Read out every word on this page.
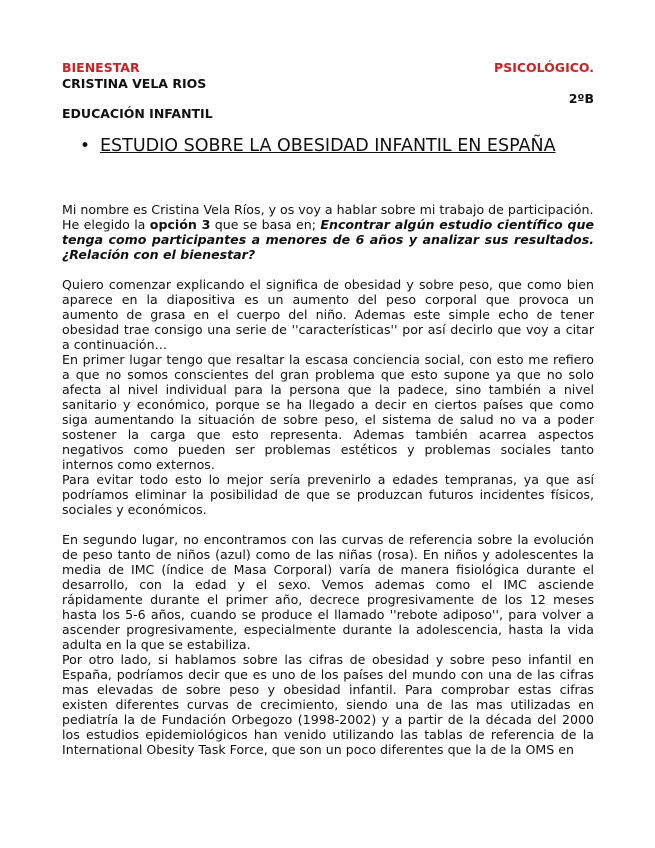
BIENESTAR	PSICOLÓGICO.
CRISTINA VELA RIOS
2ºB
EDUCACIÓN INFANTIL
• ESTUDIO SOBRE LA OBESIDAD INFANTIL EN ESPAÑA

Mi nombre es Cristina Vela Ríos, y os voy a hablar sobre mi trabajo de participación.

He elegido la opción 3 que se basa en; Encontrar algún estudio científico que tenga como participantes a menores de 6 años y analizar sus resultados. ¿Relación con el bienestar?

Quiero comenzar explicando el significa de obesidad y sobre peso, que como bien aparece en la diapositiva es un aumento del peso corporal que provoca un aumento de grasa en el cuerpo del niño. Ademas este simple echo de tener obesidad trae consigo una serie de ''características'' por así decirlo que voy a citar a continuación…

En primer lugar tengo que resaltar la escasa conciencia social, con esto me refiero a que no somos conscientes del gran problema que esto supone ya que no solo afecta al nivel individual para la persona que la padece, sino también a nivel sanitario y económico, porque se ha llegado a decir en ciertos países que como siga aumentando la situación de sobre peso, el sistema de salud no va a poder sostener la carga que esto representa. Ademas también acarrea aspectos negativos como pueden ser problemas estéticos y problemas sociales tanto internos como externos.

Para evitar todo esto lo mejor sería prevenirlo a edades tempranas, ya que así podríamos eliminar la posibilidad de que se produzcan futuros incidentes físicos, sociales y económicos.

En segundo lugar, no encontramos con las curvas de referencia sobre la evolución de peso tanto de niños (azul) como de las niñas (rosa). En niños y adolescentes la media de IMC (índice de Masa Corporal) varía de manera fisiológica durante el desarrollo, con la edad y el sexo. Vemos ademas como el IMC asciende rápidamente durante el primer año, decrece progresivamente de los 12 meses hasta los 5-6 años, cuando se produce el llamado ''rebote adiposo'', para volver a ascender progresivamente, especialmente durante la adolescencia, hasta la vida adulta en la que se estabiliza.

Por otro lado, si hablamos sobre las cifras de obesidad y sobre peso infantil en España, podríamos decir que es uno de los países del mundo con una de las cifras mas elevadas de sobre peso y obesidad infantil. Para comprobar estas cifras existen diferentes curvas de crecimiento, siendo una de las mas utilizadas en pediatría la de Fundación Orbegozo (1998-2002) y a partir de la década del 2000 los estudios epidemiológicos han venido utilizando las tablas de referencia de la International Obesity Task Force, que son un poco diferentes que la de la OMS en
